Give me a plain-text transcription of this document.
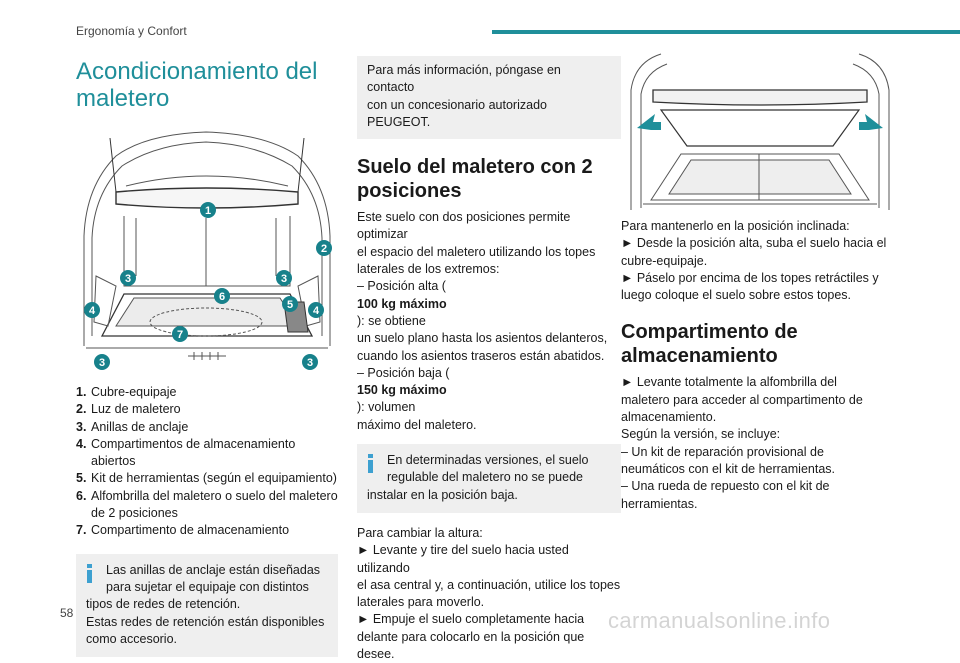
Ergonomía y Confort
Acondicionamiento del
maletero
1
2
3	3
3	3
4	4
5
6
7
1. Cubre-equipaje
2. Luz de maletero
3. Anillas de anclaje
4. Compartimentos de almacenamiento abiertos
5. Kit de herramientas (según el equipamiento)
6. Alfombrilla del maletero o suelo del maletero de 2 posiciones
7. Compartimento de almacenamiento
Las anillas de anclaje están diseñadas
para sujetar el equipaje con distintos
tipos de redes de retención.
Estas redes de retención están disponibles
como accesorio.
Para más información, póngase en contacto
con un concesionario autorizado PEUGEOT.
Suelo del maletero con 2
posiciones

Este suelo con dos posiciones permite optimizar
el espacio del maletero utilizando los topes
laterales de los extremos:
– Posición alta (
100 kg máximo
): se obtiene
un suelo plano hasta los asientos delanteros,
cuando los asientos traseros están abatidos.
– Posición baja (
150 kg máximo
): volumen
máximo del maletero.

En determinadas versiones, el suelo
regulable del maletero no se puede
instalar en la posición baja.

Para cambiar la altura:
► Levante y tire del suelo hacia usted utilizando
el asa central y, a continuación, utilice los topes
laterales para moverlo.
► Empuje el suelo completamente hacia
delante para colocarlo en la posición que desee.

Para mantenerlo en la posición inclinada:
► Desde la posición alta, suba el suelo hacia el
cubre-equipaje.
► Páselo por encima de los topes retráctiles y
luego coloque el suelo sobre estos topes.

Compartimento de
almacenamiento

► Levante totalmente la alfombrilla del
maletero para acceder al compartimento de
almacenamiento.
Según la versión, se incluye:
– Un kit de reparación provisional de
neumáticos con el kit de herramientas.
– Una rueda de repuesto con el kit de
herramientas.

58	carmanualsonline.info
